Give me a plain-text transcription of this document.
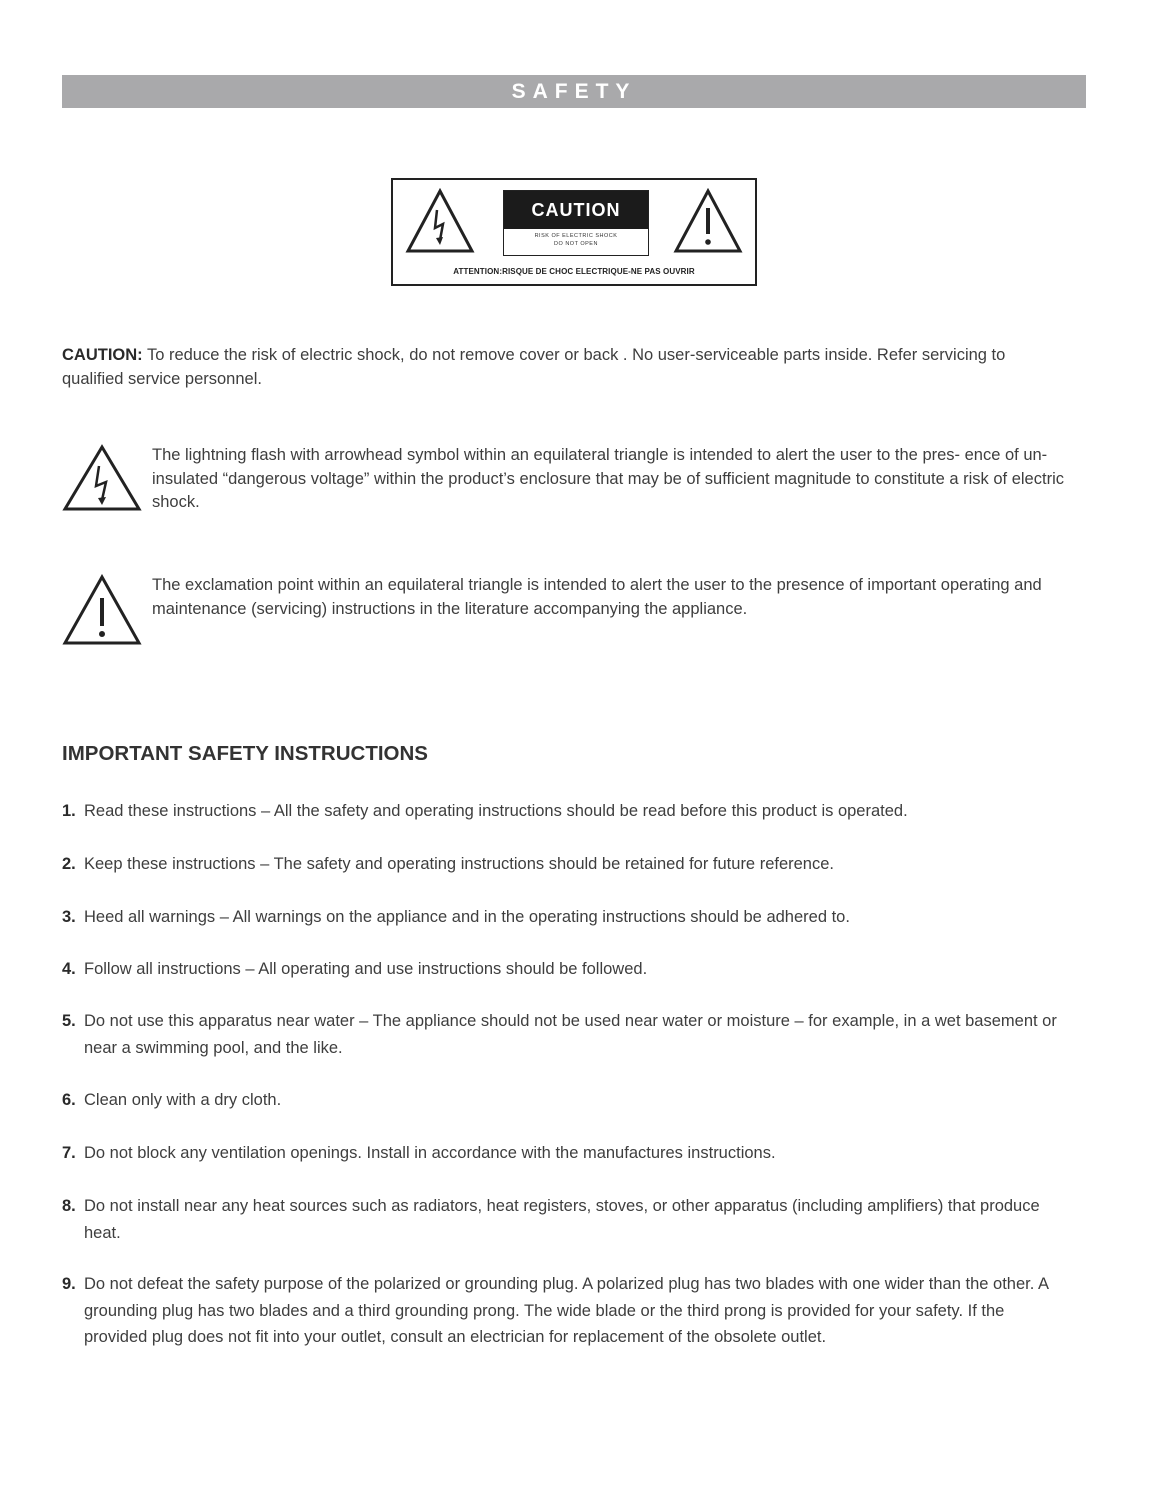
SAFETY
CAUTION
RISK OF ELECTRIC SHOCK
DO NOT OPEN
ATTENTION:RISQUE DE CHOC ELECTRIQUE-NE PAS OUVRIR
CAUTION: To reduce the risk of electric shock, do not remove cover or back . No user-serviceable parts inside. Refer servicing to qualified service personnel.
The lightning flash with arrowhead symbol within an equilateral triangle is intended to alert the user to the pres- ence of un-insulated “dangerous voltage” within the product’s enclosure that may be of sufficient magnitude to constitute a risk of electric shock.
The exclamation point within an equilateral triangle is intended to alert the user to the presence of important operating and maintenance (servicing) instructions in the literature accompanying the appliance.
IMPORTANT SAFETY INSTRUCTIONS
1. Read these instructions – All the safety and operating instructions should be read before this product is operated.
2. Keep these instructions – The safety and operating instructions should be retained for future reference.
3. Heed all warnings – All warnings on the appliance and in the operating instructions should be adhered to.
4. Follow all instructions – All operating and use instructions should be followed.
5. Do not use this apparatus near water – The appliance should not be used near water or moisture – for example, in a wet basement or near a swimming pool, and the like.
6. Clean only with a dry cloth.
7. Do not block any ventilation openings. Install in accordance with the manufactures instructions.
8. Do not install near any heat sources such as radiators, heat registers, stoves, or other apparatus (including amplifiers) that produce heat.
9. Do not defeat the safety purpose of the polarized or grounding plug. A polarized plug has two blades with one wider than the other. A grounding plug has two blades and a third grounding prong. The wide blade or the third prong is provided for your safety. If the provided plug does not fit into your outlet, consult an electrician for replacement of the obsolete outlet.
